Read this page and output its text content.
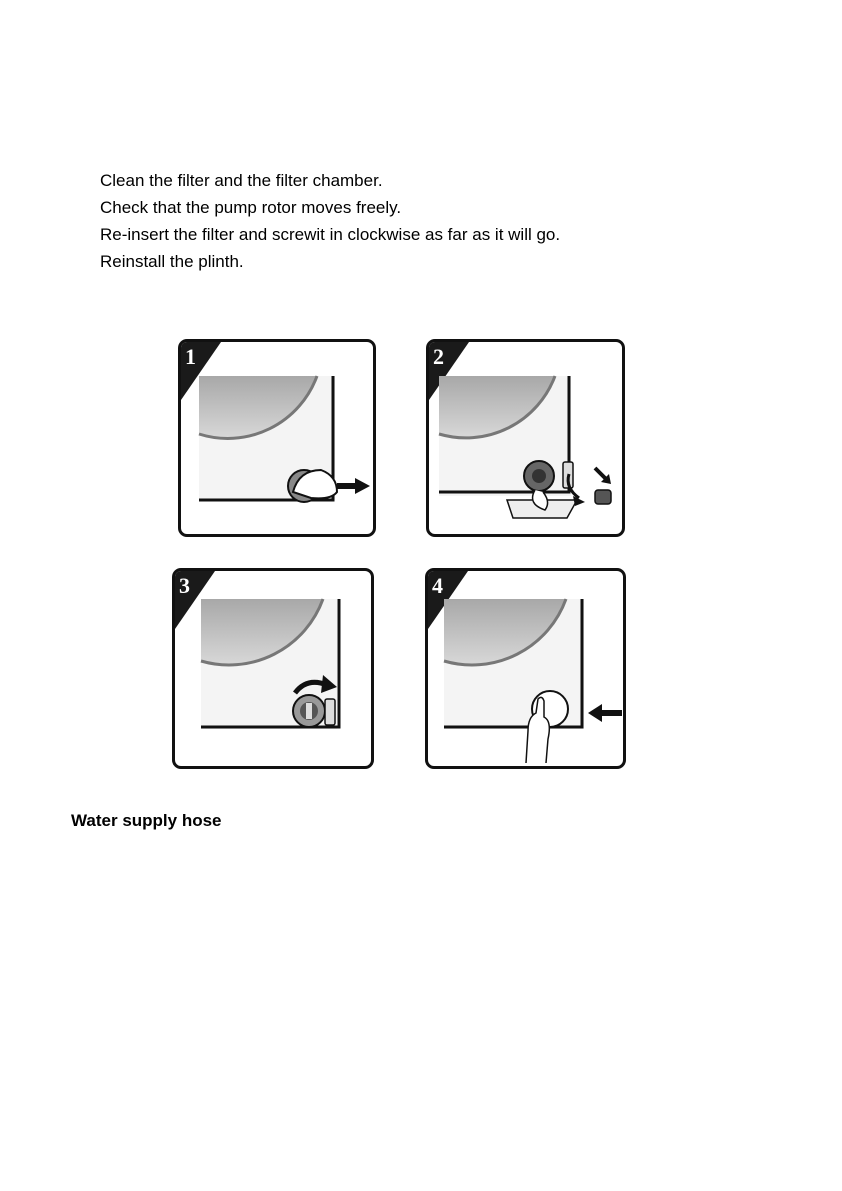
Clean the filter and the filter chamber.
Check that the pump rotor moves freely.
Re-insert the filter and screwit in clockwise as far as it will go.
Reinstall the plinth.
1	2
3	4
Water supply hose
